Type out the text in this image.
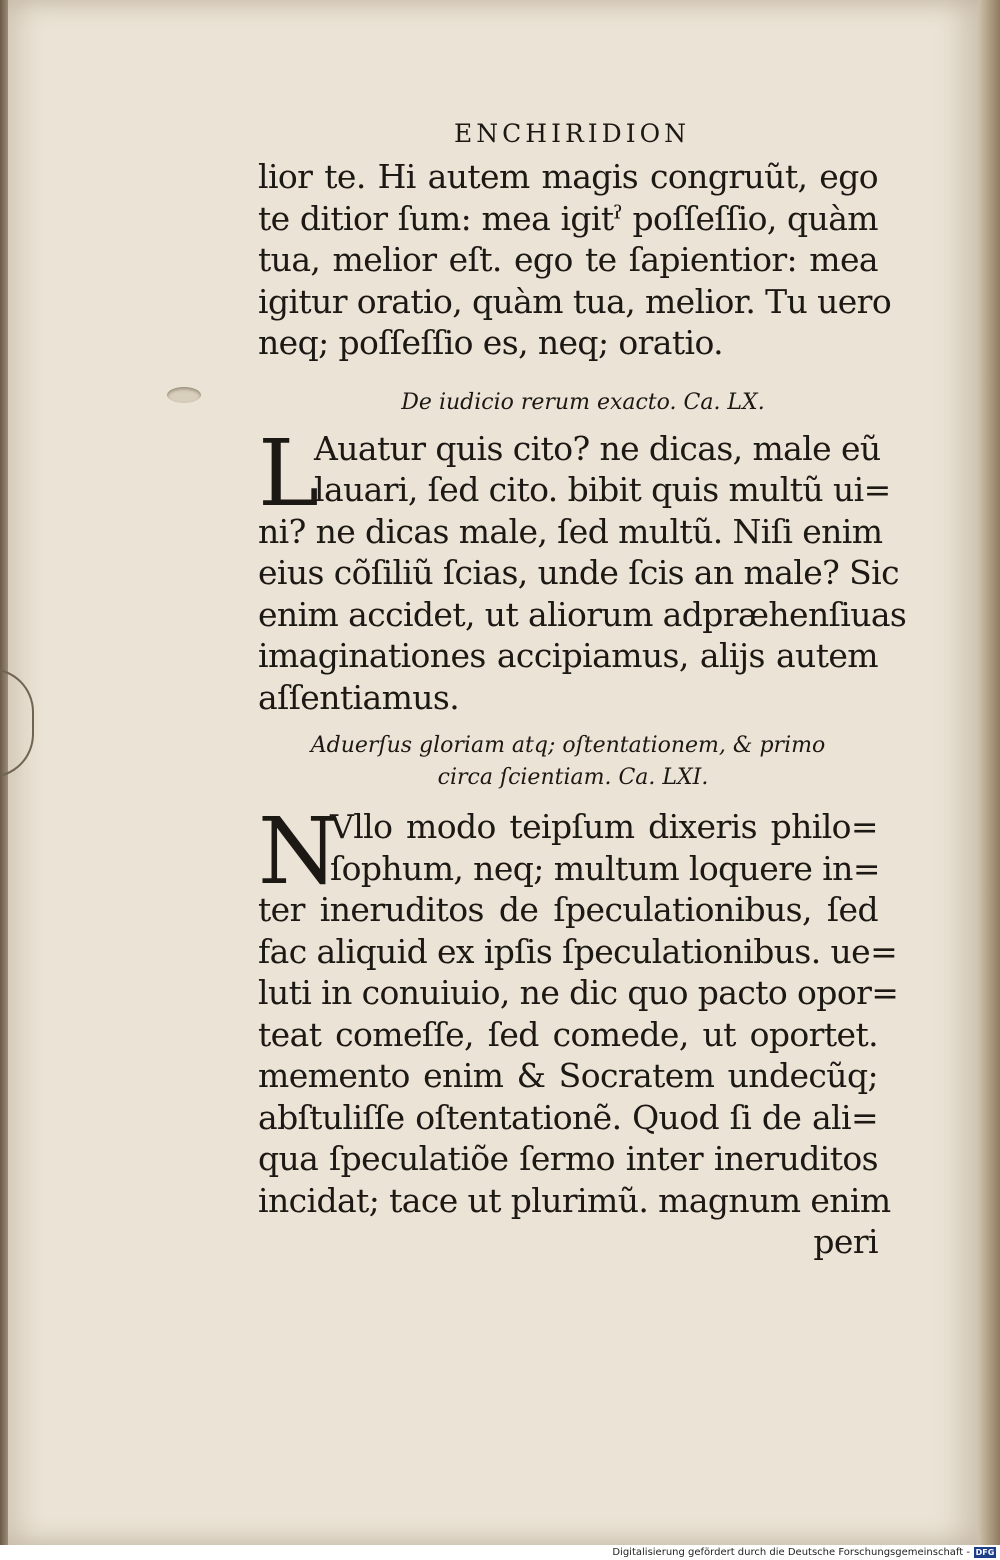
ENCHIRIDION
lior te. Hi autem magis congruũt, ego
te ditior ſum: mea igitˀ poſſeſſio, quàm
tua, melior eſt. ego te ſapientior: mea
igitur oratio, quàm tua, melior. Tu uero
neq; poſſeſſio es, neq; oratio.
De iudicio rerum exacto. Ca. LX.
L
Auatur quis cito? ne dicas, male eũ
lauari, ſed cito. bibit quis multũ ui=
ni? ne dicas male, ſed multũ. Niſi enim
eius cõſiliũ ſcias, unde ſcis an male? Sic
enim accidet, ut aliorum adpræhenſiuas
imaginationes accipiamus, alijs autem
aſſentiamus.
Aduerſus gloriam atq; oſtentationem, & primo
circa ſcientiam. Ca. LXI.
N
Vllo modo teipſum dixeris philo=
ſophum, neq; multum loquere in=
ter ineruditos de ſpeculationibus, ſed
fac aliquid ex ipſis ſpeculationibus. ue=
luti in conuiuio, ne dic quo pacto opor=
teat comeſſe, ſed comede, ut oportet.
memento enim & Socratem undecũq;
abſtuliſſe oſtentationẽ. Quod ſi de ali=
qua ſpeculatiõe ſermo inter ineruditos
incidat; tace ut plurimũ. magnum enim
peri
Digitalisierung gefördert durch die Deutsche Forschungsgemeinschaft - DFG
